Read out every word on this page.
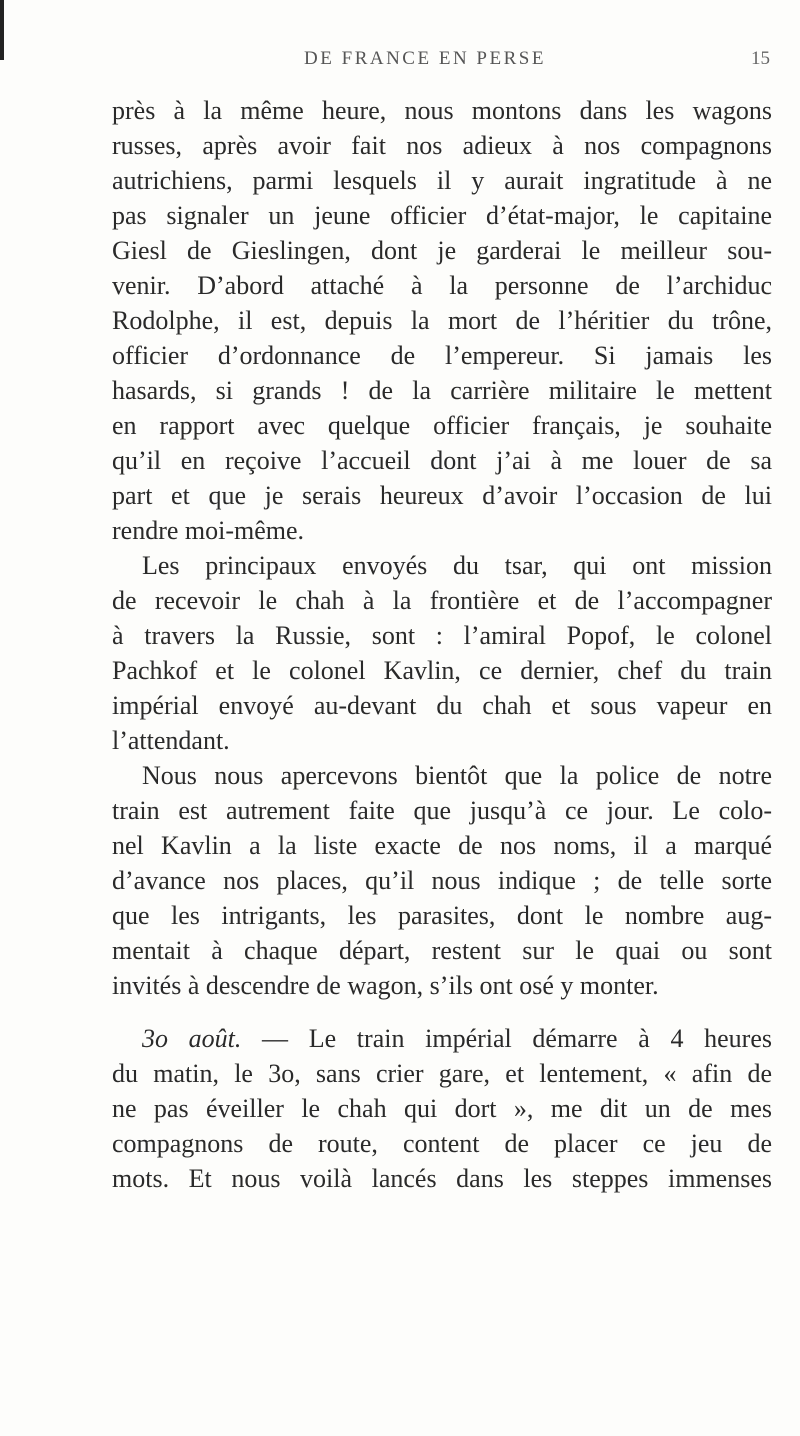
DE FRANCE EN PERSE	15
près à la même heure, nous montons dans les wagons
russes, après avoir fait nos adieux à nos compagnons
autrichiens, parmi lesquels il y aurait ingratitude à ne
pas signaler un jeune officier d’état-major, le capitaine
Giesl de Gieslingen, dont je garderai le meilleur sou-
venir. D’abord attaché à la personne de l’archiduc
Rodolphe, il est, depuis la mort de l’héritier du trône,
officier d’ordonnance de l’empereur. Si jamais les
hasards, si grands ! de la carrière militaire le mettent
en rapport avec quelque officier français, je souhaite
qu’il en reçoive l’accueil dont j’ai à me louer de sa
part et que je serais heureux d’avoir l’occasion de lui
rendre moi-même.
Les principaux envoyés du tsar, qui ont mission
de recevoir le chah à la frontière et de l’accompagner
à travers la Russie, sont : l’amiral Popof, le colonel
Pachkof et le colonel Kavlin, ce dernier, chef du train
impérial envoyé au-devant du chah et sous vapeur en
l’attendant.
Nous nous apercevons bientôt que la police de notre
train est autrement faite que jusqu’à ce jour. Le colo-
nel Kavlin a la liste exacte de nos noms, il a marqué
d’avance nos places, qu’il nous indique ; de telle sorte
que les intrigants, les parasites, dont le nombre aug-
mentait à chaque départ, restent sur le quai ou sont
invités à descendre de wagon, s’ils ont osé y monter.
3o août. — Le train impérial démarre à 4 heures
du matin, le 3o, sans crier gare, et lentement, « afin de
ne pas éveiller le chah qui dort », me dit un de mes
compagnons de route, content de placer ce jeu de
mots. Et nous voilà lancés dans les steppes immenses
